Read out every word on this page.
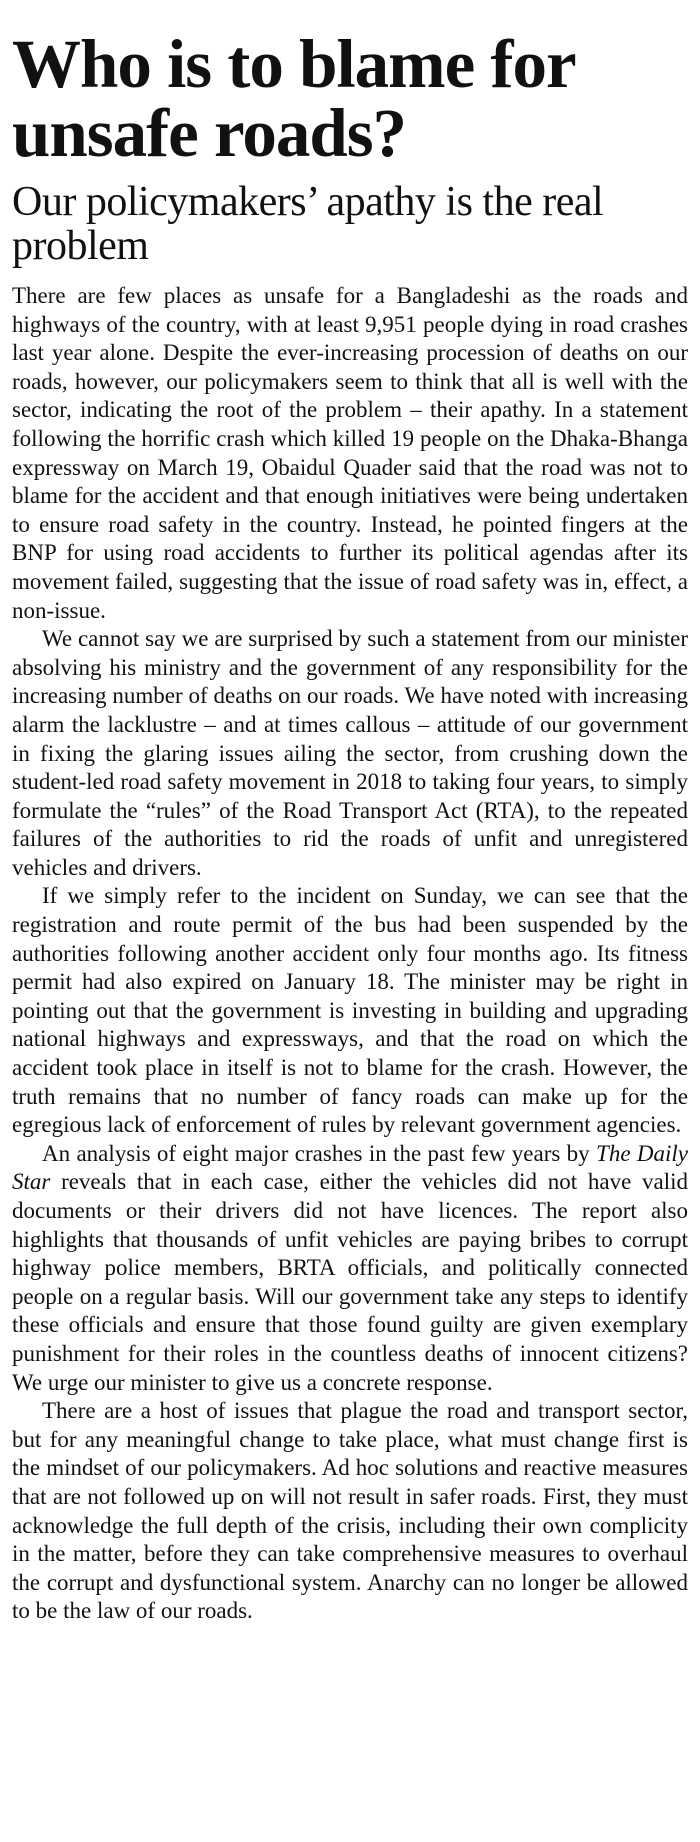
Who is to blame for unsafe roads?
Our policymakers’ apathy is the real problem

There are few places as unsafe for a Bangladeshi as the roads and highways of the country, with at least 9,951 people dying in road crashes last year alone. Despite the ever-increasing procession of deaths on our roads, however, our policymakers seem to think that all is well with the sector, indicating the root of the problem – their apathy. In a statement following the horrific crash which killed 19 people on the Dhaka-Bhanga expressway on March 19, Obaidul Quader said that the road was not to blame for the accident and that enough initiatives were being undertaken to ensure road safety in the country. Instead, he pointed fingers at the BNP for using road accidents to further its political agendas after its movement failed, suggesting that the issue of road safety was in, effect, a non-issue.

We cannot say we are surprised by such a statement from our minister absolving his ministry and the government of any responsibility for the increasing number of deaths on our roads. We have noted with increasing alarm the lacklustre – and at times callous – attitude of our government in fixing the glaring issues ailing the sector, from crushing down the student-led road safety movement in 2018 to taking four years, to simply formulate the “rules” of the Road Transport Act (RTA), to the repeated failures of the authorities to rid the roads of unfit and unregistered vehicles and drivers.

If we simply refer to the incident on Sunday, we can see that the registration and route permit of the bus had been suspended by the authorities following another accident only four months ago. Its fitness permit had also expired on January 18. The minister may be right in pointing out that the government is investing in building and upgrading national highways and expressways, and that the road on which the accident took place in itself is not to blame for the crash. However, the truth remains that no number of fancy roads can make up for the egregious lack of enforcement of rules by relevant government agencies.

An analysis of eight major crashes in the past few years by The Daily Star reveals that in each case, either the vehicles did not have valid documents or their drivers did not have licences. The report also highlights that thousands of unfit vehicles are paying bribes to corrupt highway police members, BRTA officials, and politically connected people on a regular basis. Will our government take any steps to identify these officials and ensure that those found guilty are given exemplary punishment for their roles in the countless deaths of innocent citizens? We urge our minister to give us a concrete response.

There are a host of issues that plague the road and transport sector, but for any meaningful change to take place, what must change first is the mindset of our policymakers. Ad hoc solutions and reactive measures that are not followed up on will not result in safer roads. First, they must acknowledge the full depth of the crisis, including their own complicity in the matter, before they can take comprehensive measures to overhaul the corrupt and dysfunctional system. Anarchy can no longer be allowed to be the law of our roads.
